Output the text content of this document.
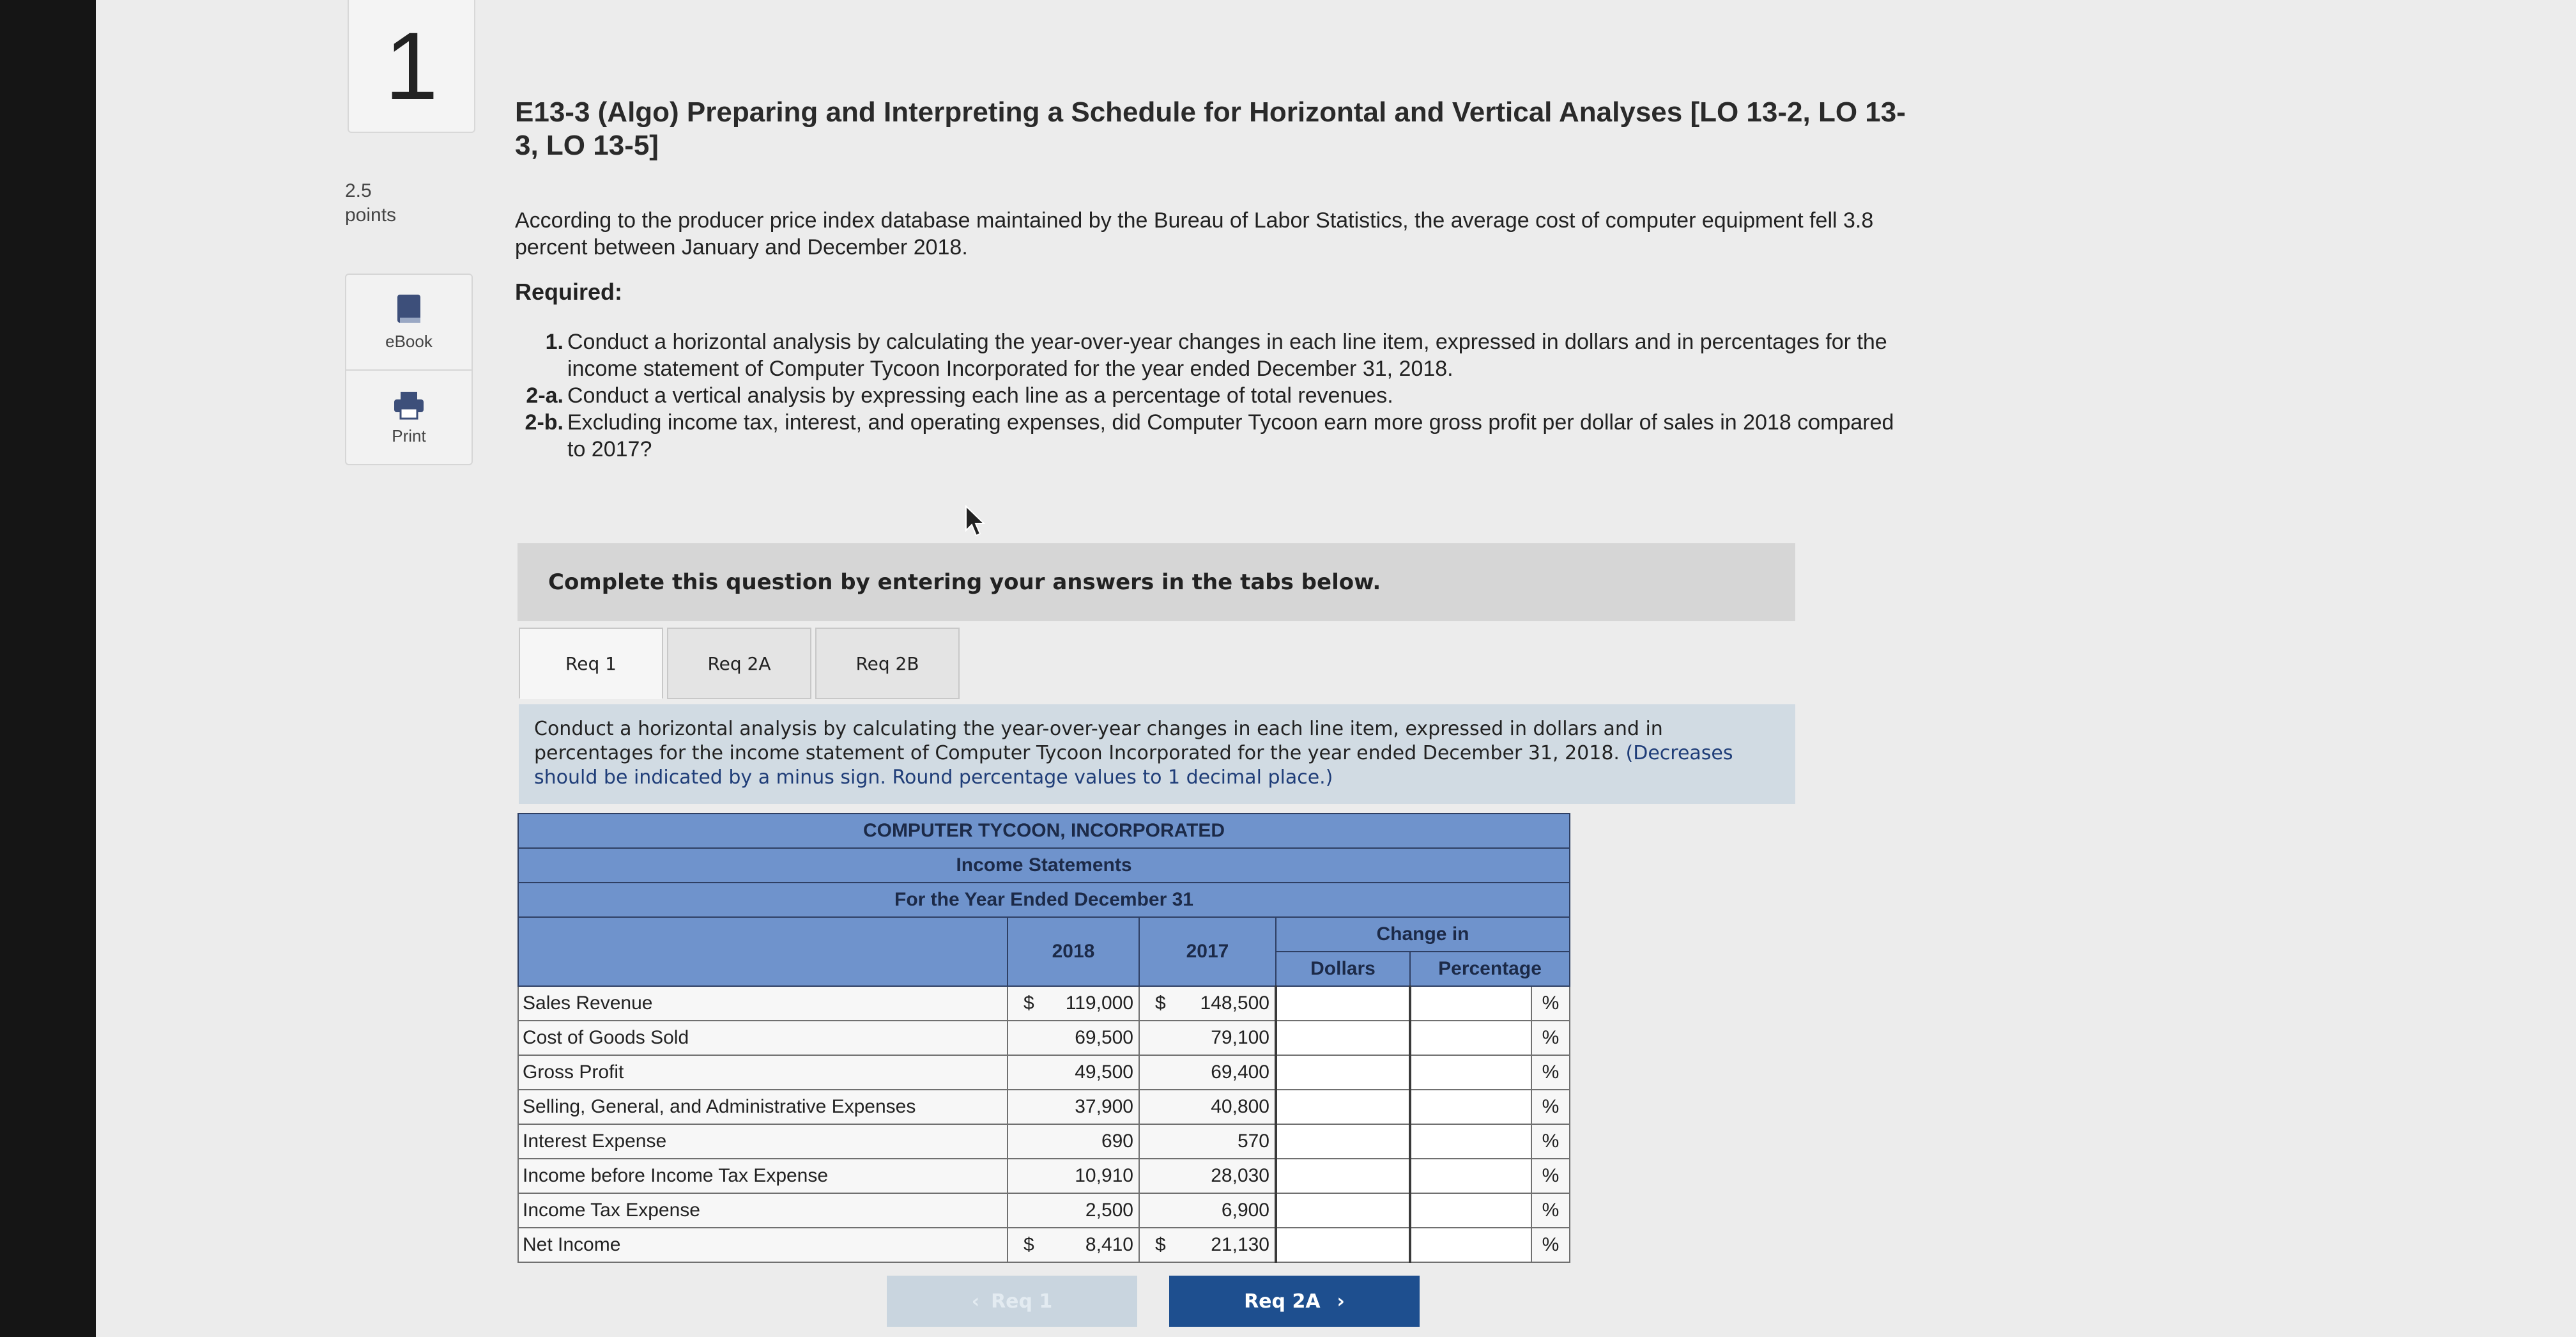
1
2.5
points
eBook
Print
E13-3 (Algo) Preparing and Interpreting a Schedule for Horizontal and Vertical Analyses [LO 13-2, LO 13-3, LO 13-5]
According to the producer price index database maintained by the Bureau of Labor Statistics, the average cost of computer equipment fell 3.8 percent between January and December 2018.
Required:
1. Conduct a horizontal analysis by calculating the year-over-year changes in each line item, expressed in dollars and in percentages for the income statement of Computer Tycoon Incorporated for the year ended December 31, 2018.
2-a. Conduct a vertical analysis by expressing each line as a percentage of total revenues.
2-b. Excluding income tax, interest, and operating expenses, did Computer Tycoon earn more gross profit per dollar of sales in 2018 compared to 2017?
Complete this question by entering your answers in the tabs below.
Req 1	Req 2A	Req 2B
Conduct a horizontal analysis by calculating the year-over-year changes in each line item, expressed in dollars and in percentages for the income statement of Computer Tycoon Incorporated for the year ended December 31, 2018. (Decreases should be indicated by a minus sign. Round percentage values to 1 decimal place.)
COMPUTER TYCOON, INCORPORATED					
Income Statements					
For the Year Ended December 31					
	2018	2017	Change in		
			Dollars	Percentage	
Sales Revenue	$ 119,000	$ 148,500			%
Cost of Goods Sold	69,500	79,100			%
Gross Profit	49,500	69,400			%
Selling, General, and Administrative Expenses	37,900	40,800			%
Interest Expense	690	570			%
Income before Income Tax Expense	10,910	28,030			%
Income Tax Expense	2,500	6,900			%
Net Income	$ 8,410	$ 21,130			%
‹ Req 1	Req 2A ›
